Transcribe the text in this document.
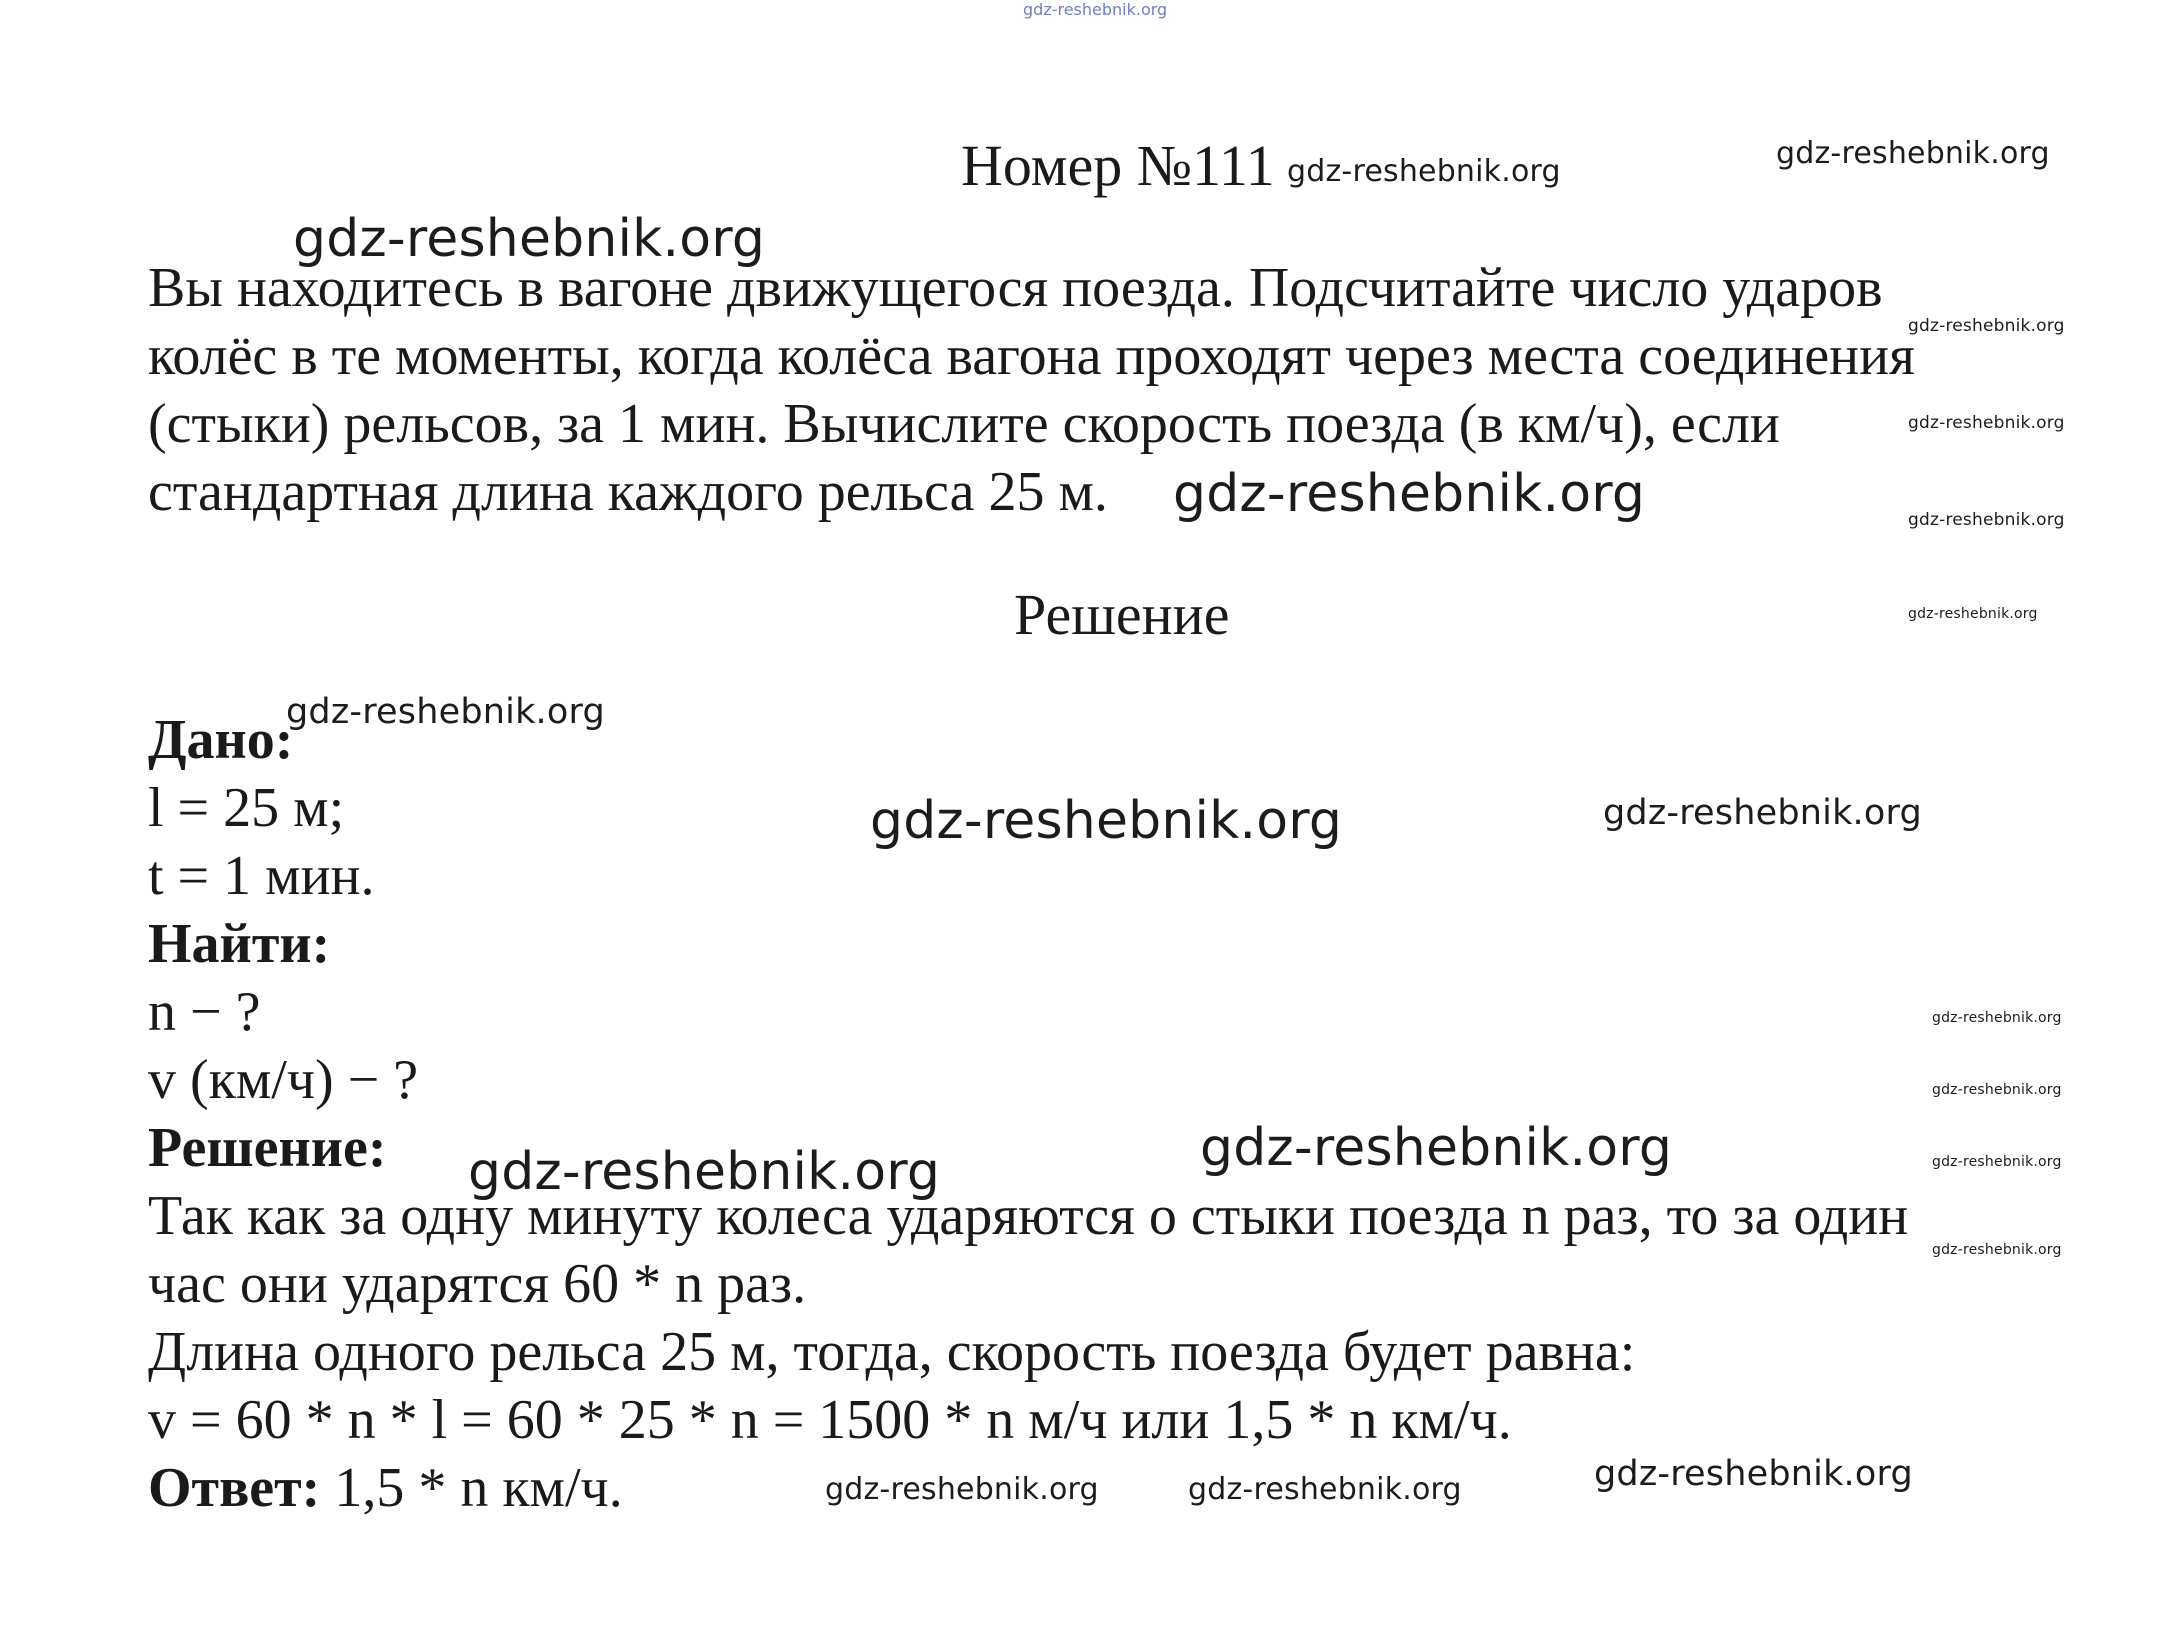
gdz-reshebnik.org
Номер №111
Вы находитесь в вагоне движущегося поезда. Подсчитайте число ударов
колёс в те моменты, когда колёса вагона проходят через места соединения
(стыки) рельсов, за 1 мин. Вычислите скорость поезда (в км/ч), если
стандартная длина каждого рельса 25 м.
Решение
Дано:
l = 25 м;
t = 1 мин.
Найти:
n − ?
v (км/ч) − ?
Решение:
Так как за одну минуту колеса ударяются о стыки поезда n раз, то за один
час они ударятся 60 * n раз.
Длина одного рельса 25 м, тогда, скорость поезда будет равна:
v = 60 * n * l = 60 * 25 * n = 1500 * n м/ч или 1,5 * n км/ч.
Ответ: 1,5 * n км/ч.
gdz-reshebnik.org
gdz-reshebnik.org
gdz-reshebnik.org
gdz-reshebnik.org
gdz-reshebnik.org
gdz-reshebnik.org	gdz-reshebnik.org
gdz-reshebnik.org
gdz-reshebnik.org
gdz-reshebnik.org	gdz-reshebnik.org
gdz-reshebnik.org
gdz-reshebnik.org
gdz-reshebnik.org
gdz-reshebnik.org	gdz-reshebnik.org
gdz-reshebnik.org
gdz-reshebnik.org
gdz-reshebnik.org	gdz-reshebnik.org
